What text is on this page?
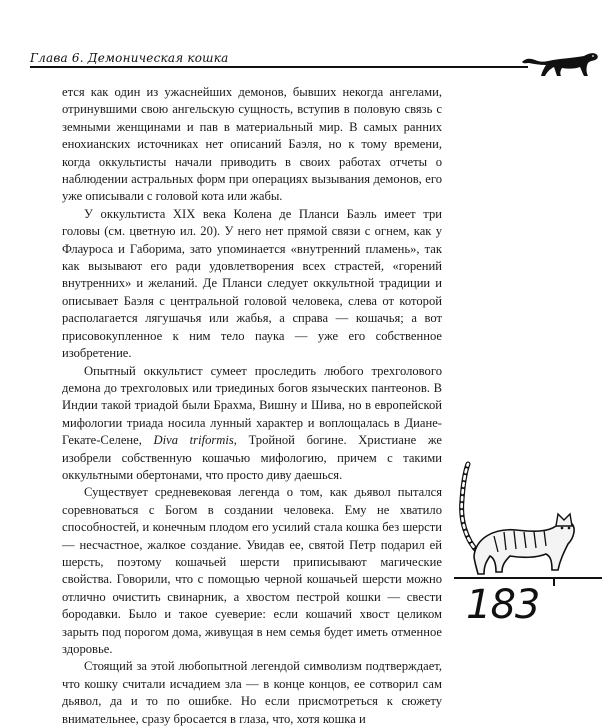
Глава 6. Демоническая кошка

ется как один из ужаснейших демонов, бывших некогда ангелами, отринувшими свою ангельскую сущность, вступив в половую связь с земными женщинами и пав в материальный мир. В самых ранних енохианских источниках нет описаний Баэля, но к тому времени, когда оккультисты начали приводить в своих работах отчеты о наблюдении астральных форм при операциях вызывания демонов, его уже описывали с головой кота или жабы.

У оккультиста XIX века Колена де Планси Баэль имеет три головы (см. цветную ил. 20). У него нет прямой связи с огнем, как у Флауроса и Габорима, зато упоминается «внутренний пламень», так как вызывают его ради удовлетворения всех страстей, «горений внутренних» и желаний. Де Планси следует оккультной традиции и описывает Баэля с центральной головой человека, слева от которой располагается лягушачья или жабья, а справа — кошачья; а вот присовокупленное к ним тело паука — уже его собственное изобретение.

Опытный оккультист сумеет проследить любого трехголового демона до трехголовых или триединых богов языческих пантеонов. В Индии такой триадой были Брахма, Вишну и Шива, но в европейской мифологии триада носила лунный характер и воплощалась в Диане-Гекате-Селене, Diva triformis, Тройной богине. Христиане же изобрели собственную кошачью мифологию, причем с такими оккультными обертонами, что просто диву даешься.

Существует средневековая легенда о том, как дьявол пытался соревноваться с Богом в создании человека. Ему не хватило способностей, и конечным плодом его усилий стала кошка без шерсти — несчастное, жалкое создание. Увидав ее, святой Петр подарил ей шерсть, поэтому кошачьей шерсти приписывают магические свойства. Говорили, что с помощью черной кошачьей шерсти можно отлично очистить свинарник, а хвостом пестрой кошки — свести бородавки. Было и такое суеверие: если кошачий хвост целиком зарыть под порогом дома, живущая в нем семья будет иметь отменное здоровье.

Стоящий за этой любопытной легендой символизм подтверждает, что кошку считали исчадием зла — в конце концов, ее сотворил сам дьявол, да и то по ошибке. Но если присмотреться к сюжету внимательнее, сразу бросается в глаза, что, хотя кошка и

183
